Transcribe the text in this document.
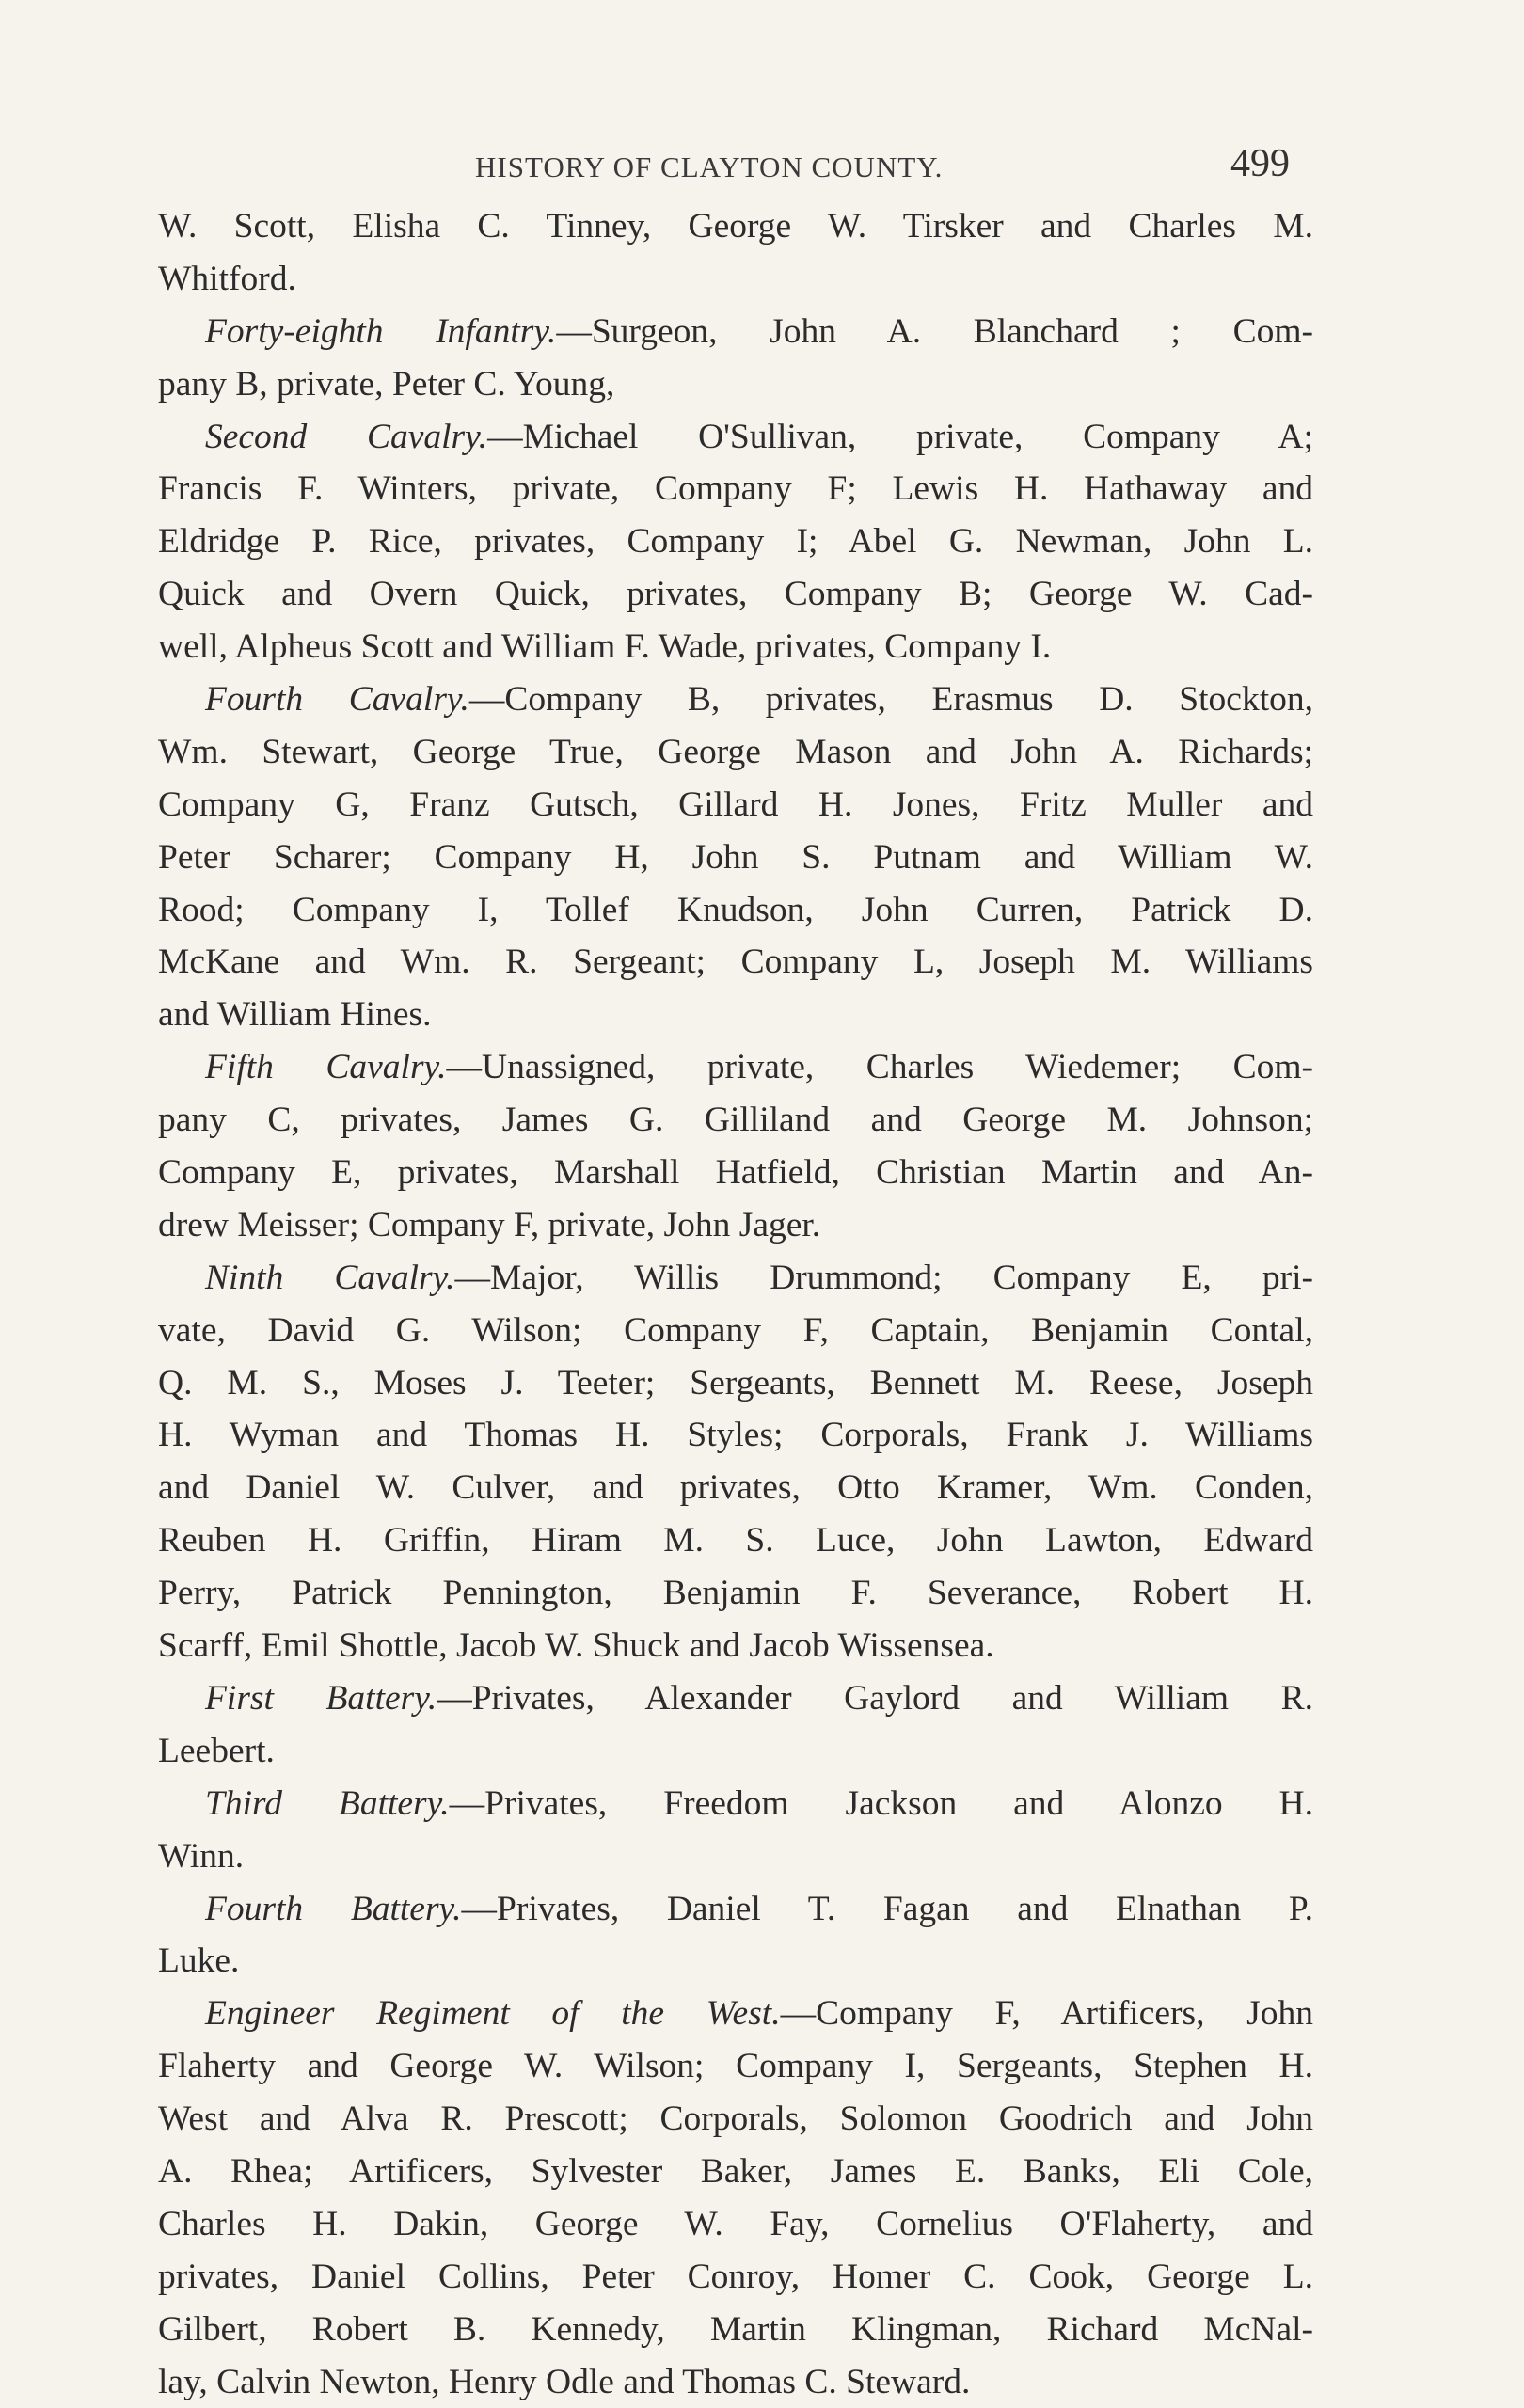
HISTORY OF CLAYTON COUNTY.	499
W. Scott, Elisha C. Tinney, George W. Tirsker and Charles M.
Whitford.
Forty-eighth Infantry.—Surgeon, John A. Blanchard ; Com-
pany B, private, Peter C. Young,
Second Cavalry.—Michael O'Sullivan, private, Company A;
Francis F. Winters, private, Company F; Lewis H. Hathaway and
Eldridge P. Rice, privates, Company I; Abel G. Newman, John L.
Quick and Overn Quick, privates, Company B; George W. Cad-
well, Alpheus Scott and William F. Wade, privates, Company I.
Fourth Cavalry.—Company B, privates, Erasmus D. Stockton,
Wm. Stewart, George True, George Mason and John A. Richards;
Company G, Franz Gutsch, Gillard H. Jones, Fritz Muller and
Peter Scharer; Company H, John S. Putnam and William W.
Rood; Company I, Tollef Knudson, John Curren, Patrick D.
McKane and Wm. R. Sergeant; Company L, Joseph M. Williams
and William Hines.
Fifth Cavalry.—Unassigned, private, Charles Wiedemer; Com-
pany C, privates, James G. Gilliland and George M. Johnson;
Company E, privates, Marshall Hatfield, Christian Martin and An-
drew Meisser; Company F, private, John Jager.
Ninth Cavalry.—Major, Willis Drummond; Company E, pri-
vate, David G. Wilson; Company F, Captain, Benjamin Contal,
Q. M. S., Moses J. Teeter; Sergeants, Bennett M. Reese, Joseph
H. Wyman and Thomas H. Styles; Corporals, Frank J. Williams
and Daniel W. Culver, and privates, Otto Kramer, Wm. Conden,
Reuben H. Griffin, Hiram M. S. Luce, John Lawton, Edward
Perry, Patrick Pennington, Benjamin F. Severance, Robert H.
Scarff, Emil Shottle, Jacob W. Shuck and Jacob Wissensea.
First Battery.—Privates, Alexander Gaylord and William R.
Leebert.
Third Battery.—Privates, Freedom Jackson and Alonzo H.
Winn.
Fourth Battery.—Privates, Daniel T. Fagan and Elnathan P.
Luke.
Engineer Regiment of the West.—Company F, Artificers, John
Flaherty and George W. Wilson; Company I, Sergeants, Stephen H.
West and Alva R. Prescott; Corporals, Solomon Goodrich and John
A. Rhea; Artificers, Sylvester Baker, James E. Banks, Eli Cole,
Charles H. Dakin, George W. Fay, Cornelius O'Flaherty, and
privates, Daniel Collins, Peter Conroy, Homer C. Cook, George L.
Gilbert, Robert B. Kennedy, Martin Klingman, Richard McNal-
lay, Calvin Newton, Henry Odle and Thomas C. Steward.
